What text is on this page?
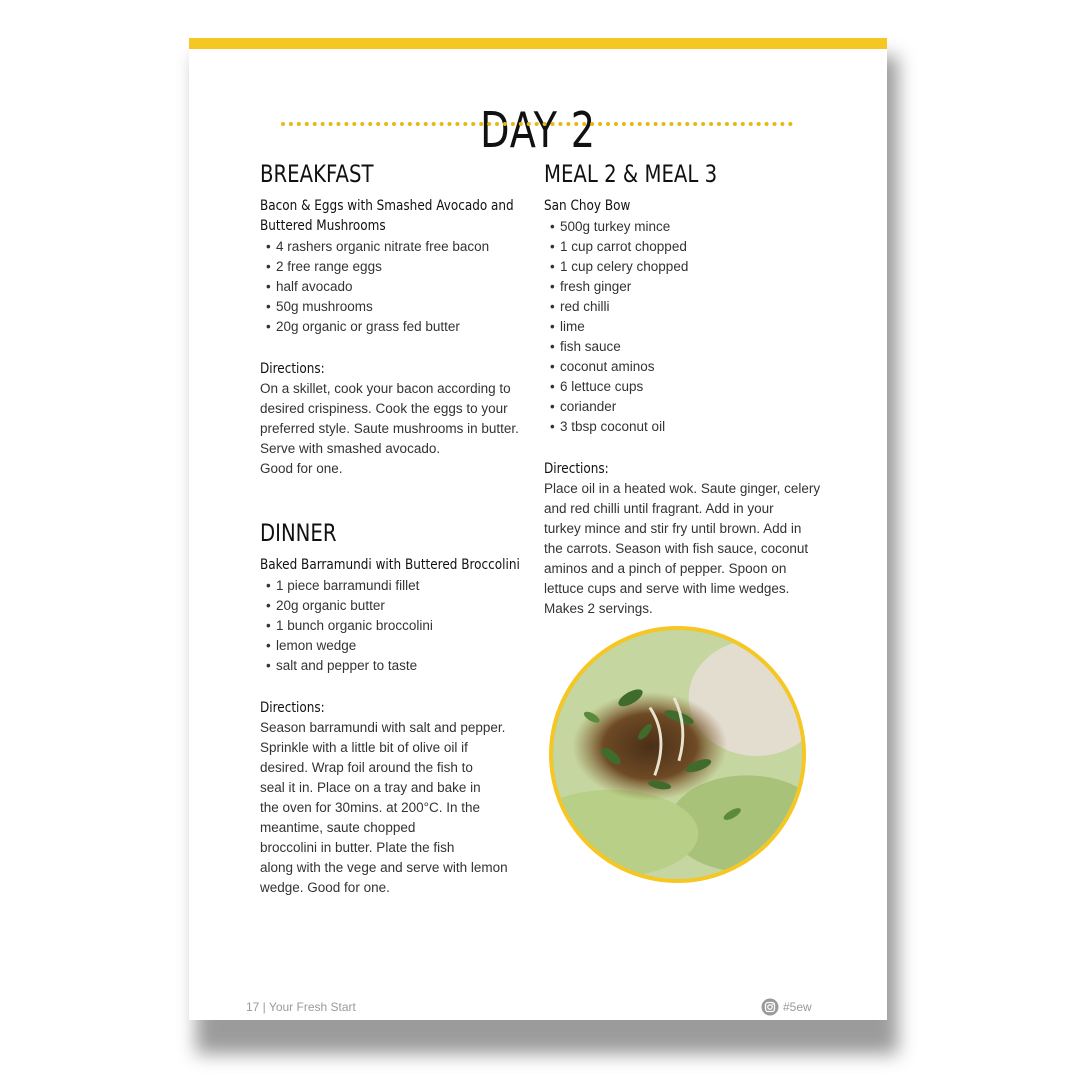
DAY 2
BREAKFAST
Bacon & Eggs with Smashed Avocado and
Buttered Mushrooms
• 4 rashers organic nitrate free bacon
• 2 free range eggs
• half avocado
• 50g mushrooms
• 20g organic or grass fed butter
Directions:
On a skillet, cook your bacon according to
desired crispiness. Cook the eggs to your
preferred style. Saute mushrooms in butter.
Serve with smashed avocado.
Good for one.
DINNER
Baked Barramundi with Buttered Broccolini
• 1 piece barramundi fillet
• 20g organic butter
• 1 bunch organic broccolini
• lemon wedge
• salt and pepper to taste
Directions:
Season barramundi with salt and pepper.
Sprinkle with a little bit of olive oil if
desired. Wrap foil around the fish to
seal it in. Place on a tray and bake in
the oven for 30mins. at 200°C. In the
meantime, saute chopped
broccolini in butter. Plate the fish
along with the vege and serve with lemon
wedge. Good for one.
MEAL 2 & MEAL 3
San Choy Bow
• 500g turkey mince
• 1 cup carrot chopped
• 1 cup celery chopped
• fresh ginger
• red chilli
• lime
• fish sauce
• coconut aminos
• 6 lettuce cups
• coriander
• 3 tbsp coconut oil
Directions:
Place oil in a heated wok. Saute ginger, celery
and red chilli until fragrant. Add in your
turkey mince and stir fry until brown. Add in
the carrots. Season with fish sauce, coconut
aminos and a pinch of pepper. Spoon on
lettuce cups and serve with lime wedges.
Makes 2 servings.
17 | Your Fresh Start	#5ew
